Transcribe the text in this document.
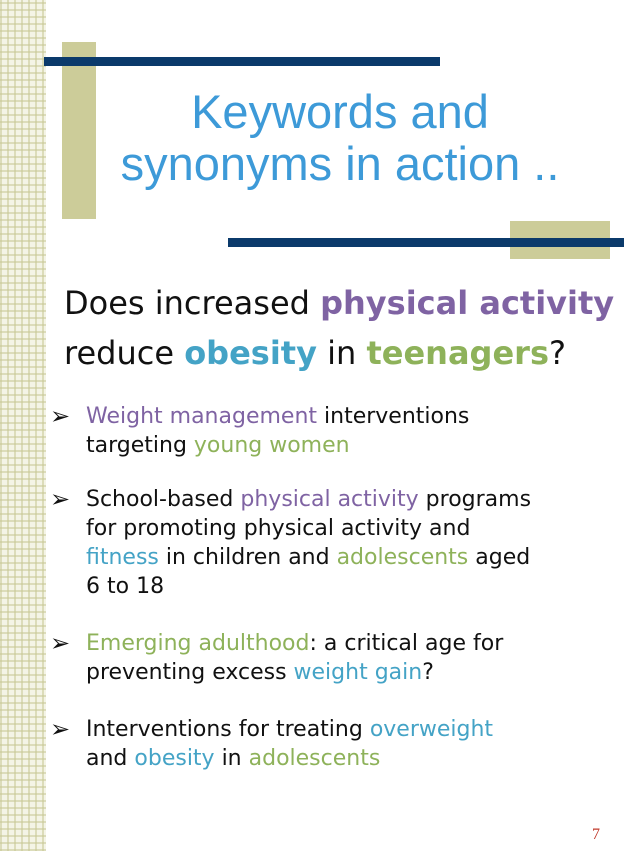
Keywords and
synonyms in action ..
Does increased physical activity
reduce obesity in teenagers?
➢ Weight management interventions
targeting young women
➢ School-based physical activity programs
for promoting physical activity and
fitness in children and adolescents aged
6 to 18
➢ Emerging adulthood: a critical age for
preventing excess weight gain?
➢ Interventions for treating overweight
and obesity in adolescents
7
